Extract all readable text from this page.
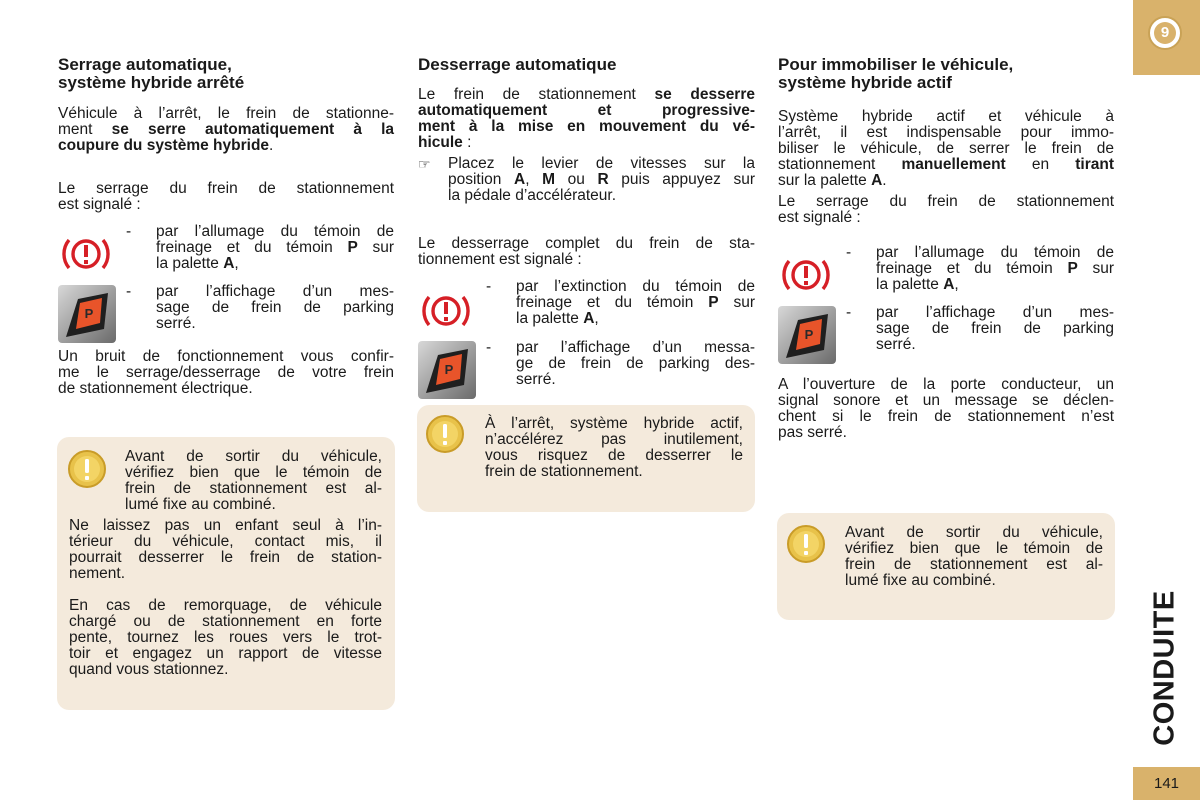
Serrage automatique,
système hybride arrêté

Véhicule à l’arrêt, le frein de stationne-

ment se serre automatiquement à la

coupure du système hybride.

Le serrage du frein de stationnement

est signalé :

-	par l’allumage du témoin de
freinage et du témoin P sur
la palette A,
P
-	par l’affichage d’un mes-
sage de frein de parking
serré.

Un bruit de fonctionnement vous confir-

me le serrage/desserrage de votre frein

de stationnement électrique.

Avant de sortir du véhicule,

vérifiez bien que le témoin de

frein de stationnement est al-

lumé fixe au combiné.

Ne laissez pas un enfant seul à l’in-

térieur du véhicule, contact mis, il

pourrait desserrer le frein de station-

nement.

En cas de remorquage, de véhicule

chargé ou de stationnement en forte

pente, tournez les roues vers le trot-

toir et engagez un rapport de vitesse

quand vous stationnez.

Desserrage automatique

Le frein de stationnement se desserre

automatiquement et progressive-

ment à la mise en mouvement du vé-

hicule :

☞	Placez le levier de vitesses sur la
position A, M ou R puis appuyez sur
la pédale d’accélérateur.

Le desserrage complet du frein de sta-

tionnement est signalé :

-	par l’extinction du témoin de
freinage et du témoin P sur
la palette A,
P
-	par l’affichage d’un messa-
ge de frein de parking des-
serré.

À l’arrêt, système hybride actif,

n’accélérez pas inutilement,

vous risquez de desserrer le

frein de stationnement.

Pour immobiliser le véhicule,
système hybride actif

Système hybride actif et véhicule à

l’arrêt, il est indispensable pour immo-

biliser le véhicule, de serrer le frein de

stationnement manuellement en tirant

sur la palette A.

Le serrage du frein de stationnement

est signalé :

-	par l’allumage du témoin de
freinage et du témoin P sur
la palette A,
P
-	par l’affichage d’un mes-
sage de frein de parking
serré.

A l’ouverture de la porte conducteur, un

signal sonore et un message se déclen-

chent si le frein de stationnement n’est

pas serré.

Avant de sortir du véhicule,

vérifiez bien que le témoin de

frein de stationnement est al-

lumé fixe au combiné.

9
CONDUITE
141
